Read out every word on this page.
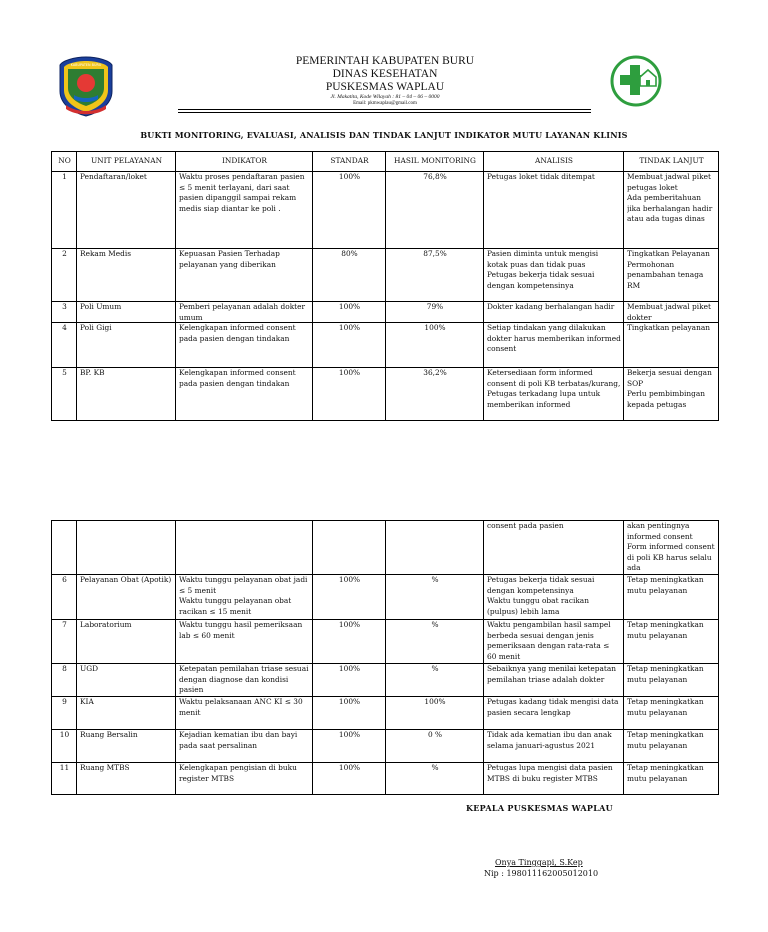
KABUPATEN BURU	PEMERINTAH KABUPATEN BURU
DINAS KESEHATAN
PUSKESMAS WAPLAU
Jl. Makatita, Kode Wilayah : 81 – 04 – 06 – 0000
Email: pkmwaplau@gmail.com
BUKTI MONITORING, EVALUASI, ANALISIS DAN TINDAK LANJUT INDIKATOR MUTU LAYANAN KLINIS
NO	UNIT PELAYANAN	INDIKATOR	STANDAR	HASIL MONITORING	ANALISIS	TINDAK LANJUT

1	Pendaftaran/loket	Waktu proses pendaftaran pasien ≤ 5 menit terlayani, dari saat pasien dipanggil sampai rekam medis siap diantar ke poli .	100%	76,8%	Petugas loket tidak ditempat	Membuat jadwal piket petugas loket
Ada pemberitahuan jika berhalangan hadir atau ada tugas dinas

2	Rekam Medis	Kepuasan Pasien Terhadap pelayanan yang diberikan	80%	87,5%	Pasien diminta untuk mengisi kotak puas dan tidak puas
Petugas bekerja tidak sesuai dengan kompetensinya	Tingkatkan Pelayanan
Permohonan penambahan tenaga RM

3	Poli Umum	Pemberi pelayanan adalah dokter umum	100%	79%	Dokter kadang berhalangan hadir	Membuat jadwal piket dokter

4	Poli Gigi	Kelengkapan informed consent pada pasien dengan tindakan	100%	100%	Setiap tindakan yang dilakukan dokter harus memberikan informed consent	Tingkatkan pelayanan

5	BP. KB	Kelengkapan informed consent pada pasien dengan tindakan	100%	36,2%	Ketersediaan form informed consent di poli KB terbatas/kurang,
Petugas terkadang lupa untuk memberikan informed	Bekerja sesuai dengan SOP
Perlu pembimbingan kepada petugas

					consent pada pasien	akan pentingnya informed consent
Form informed consent di poli KB harus selalu ada

6	Pelayanan Obat (Apotik)	Waktu tunggu pelayanan obat jadi ≤ 5 menit
Waktu tunggu pelayanan obat racikan ≤ 15 menit	100%	%	Petugas bekerja tidak sesuai dengan kompetensinya
Waktu tunggu obat racikan (pulpus) lebih lama	Tetap meningkatkan mutu pelayanan

7	Laboratorium	Waktu tunggu hasil pemeriksaan lab ≤ 60 menit	100%	%	Waktu pengambilan hasil sampel berbeda sesuai dengan jenis pemeriksaan dengan rata-rata ≤ 60 menit	Tetap meningkatkan mutu pelayanan

8	UGD	Ketepatan pemilahan triase sesuai dengan diagnose dan kondisi pasien	100%	%	Sebaiknya yang menilai ketepatan pemilahan triase adalah dokter	Tetap meningkatkan mutu pelayanan

9	KIA	Waktu pelaksanaan ANC KI ≤ 30 menit	100%	100%	Petugas kadang tidak mengisi data pasien secara lengkap	Tetap meningkatkan mutu pelayanan

10	Ruang Bersalin	Kejadian kematian ibu dan bayi pada saat persalinan	100%	0 %	Tidak ada kematian ibu dan anak selama januari-agustus 2021	Tetap meningkatkan mutu pelayanan

11	Ruang MTBS	Kelengkapan pengisian di buku register MTBS	100%	%	Petugas lupa mengisi data pasien MTBS di buku register MTBS	Tetap meningkatkan mutu pelayanan
KEPALA PUSKESMAS WAPLAU
Onya Tinggapi, S.Kep
Nip : 198011162005012010
